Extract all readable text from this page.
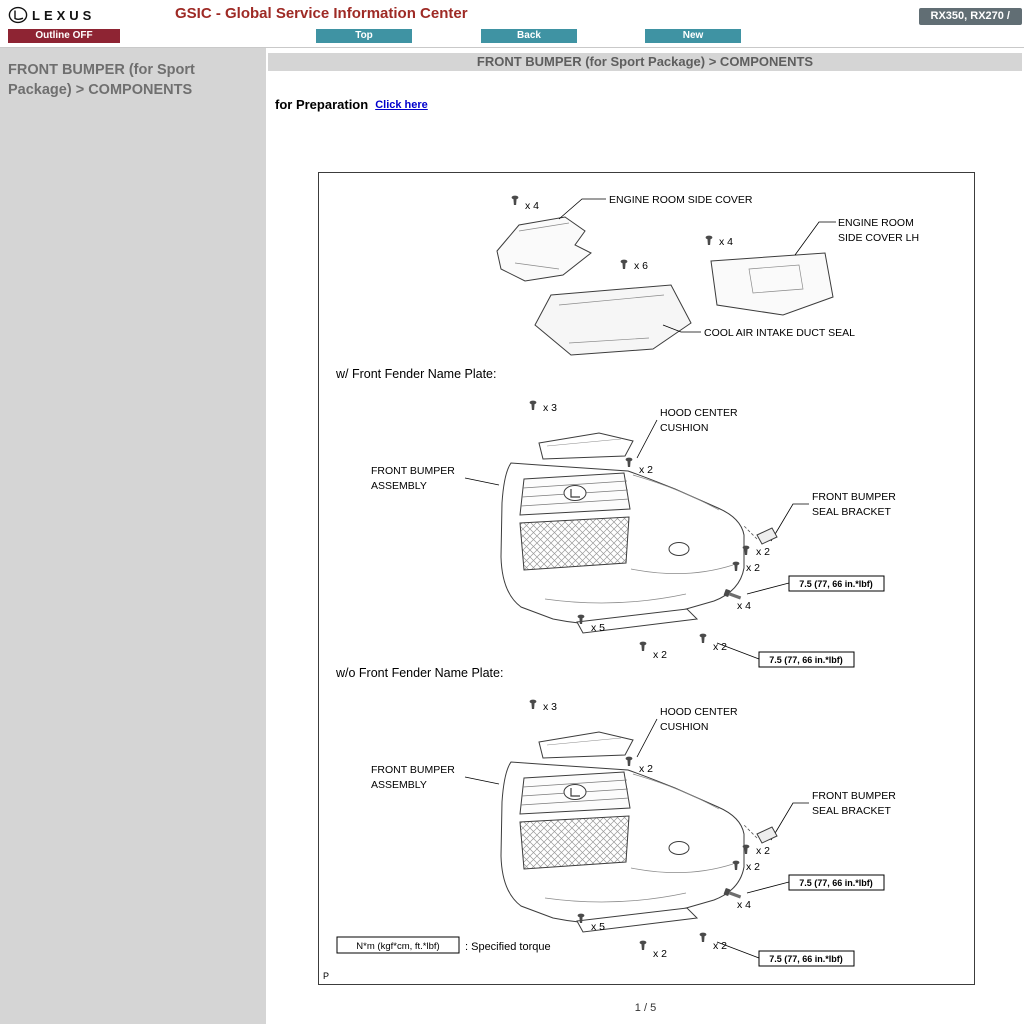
LEXUS	GSIC - Global Service Information Center	RX350, RX270 /
Outline OFF	Top	Back	New
FRONT BUMPER (for Sport Package) > COMPONENTS
FRONT BUMPER (for Sport Package) > COMPONENTS
for Preparation Click here
x 4	ENGINE ROOM SIDE COVER
x 6
COOL AIR INTAKE DUCT SEAL
x 4
ENGINE ROOM
SIDE COVER LH
w/ Front Fender Name Plate:
x 3	HOOD CENTER
CUSHION
x 2
FRONT BUMPER
ASSEMBLY
FRONT BUMPER
SEAL BRACKET
x 2
x 2
7.5 (77, 66 in.*lbf)
x 4
x 5
x 2
x 2
7.5 (77, 66 in.*lbf)
w/o Front Fender Name Plate:
x 3	HOOD CENTER
CUSHION
x 2
FRONT BUMPER
ASSEMBLY
FRONT BUMPER
SEAL BRACKET
x 2
x 2
7.5 (77, 66 in.*lbf)
x 4
x 5
x 2
x 2
7.5 (77, 66 in.*lbf)
N*m (kgf*cm, ft.*lbf) : Specified torque
P
1 / 5
